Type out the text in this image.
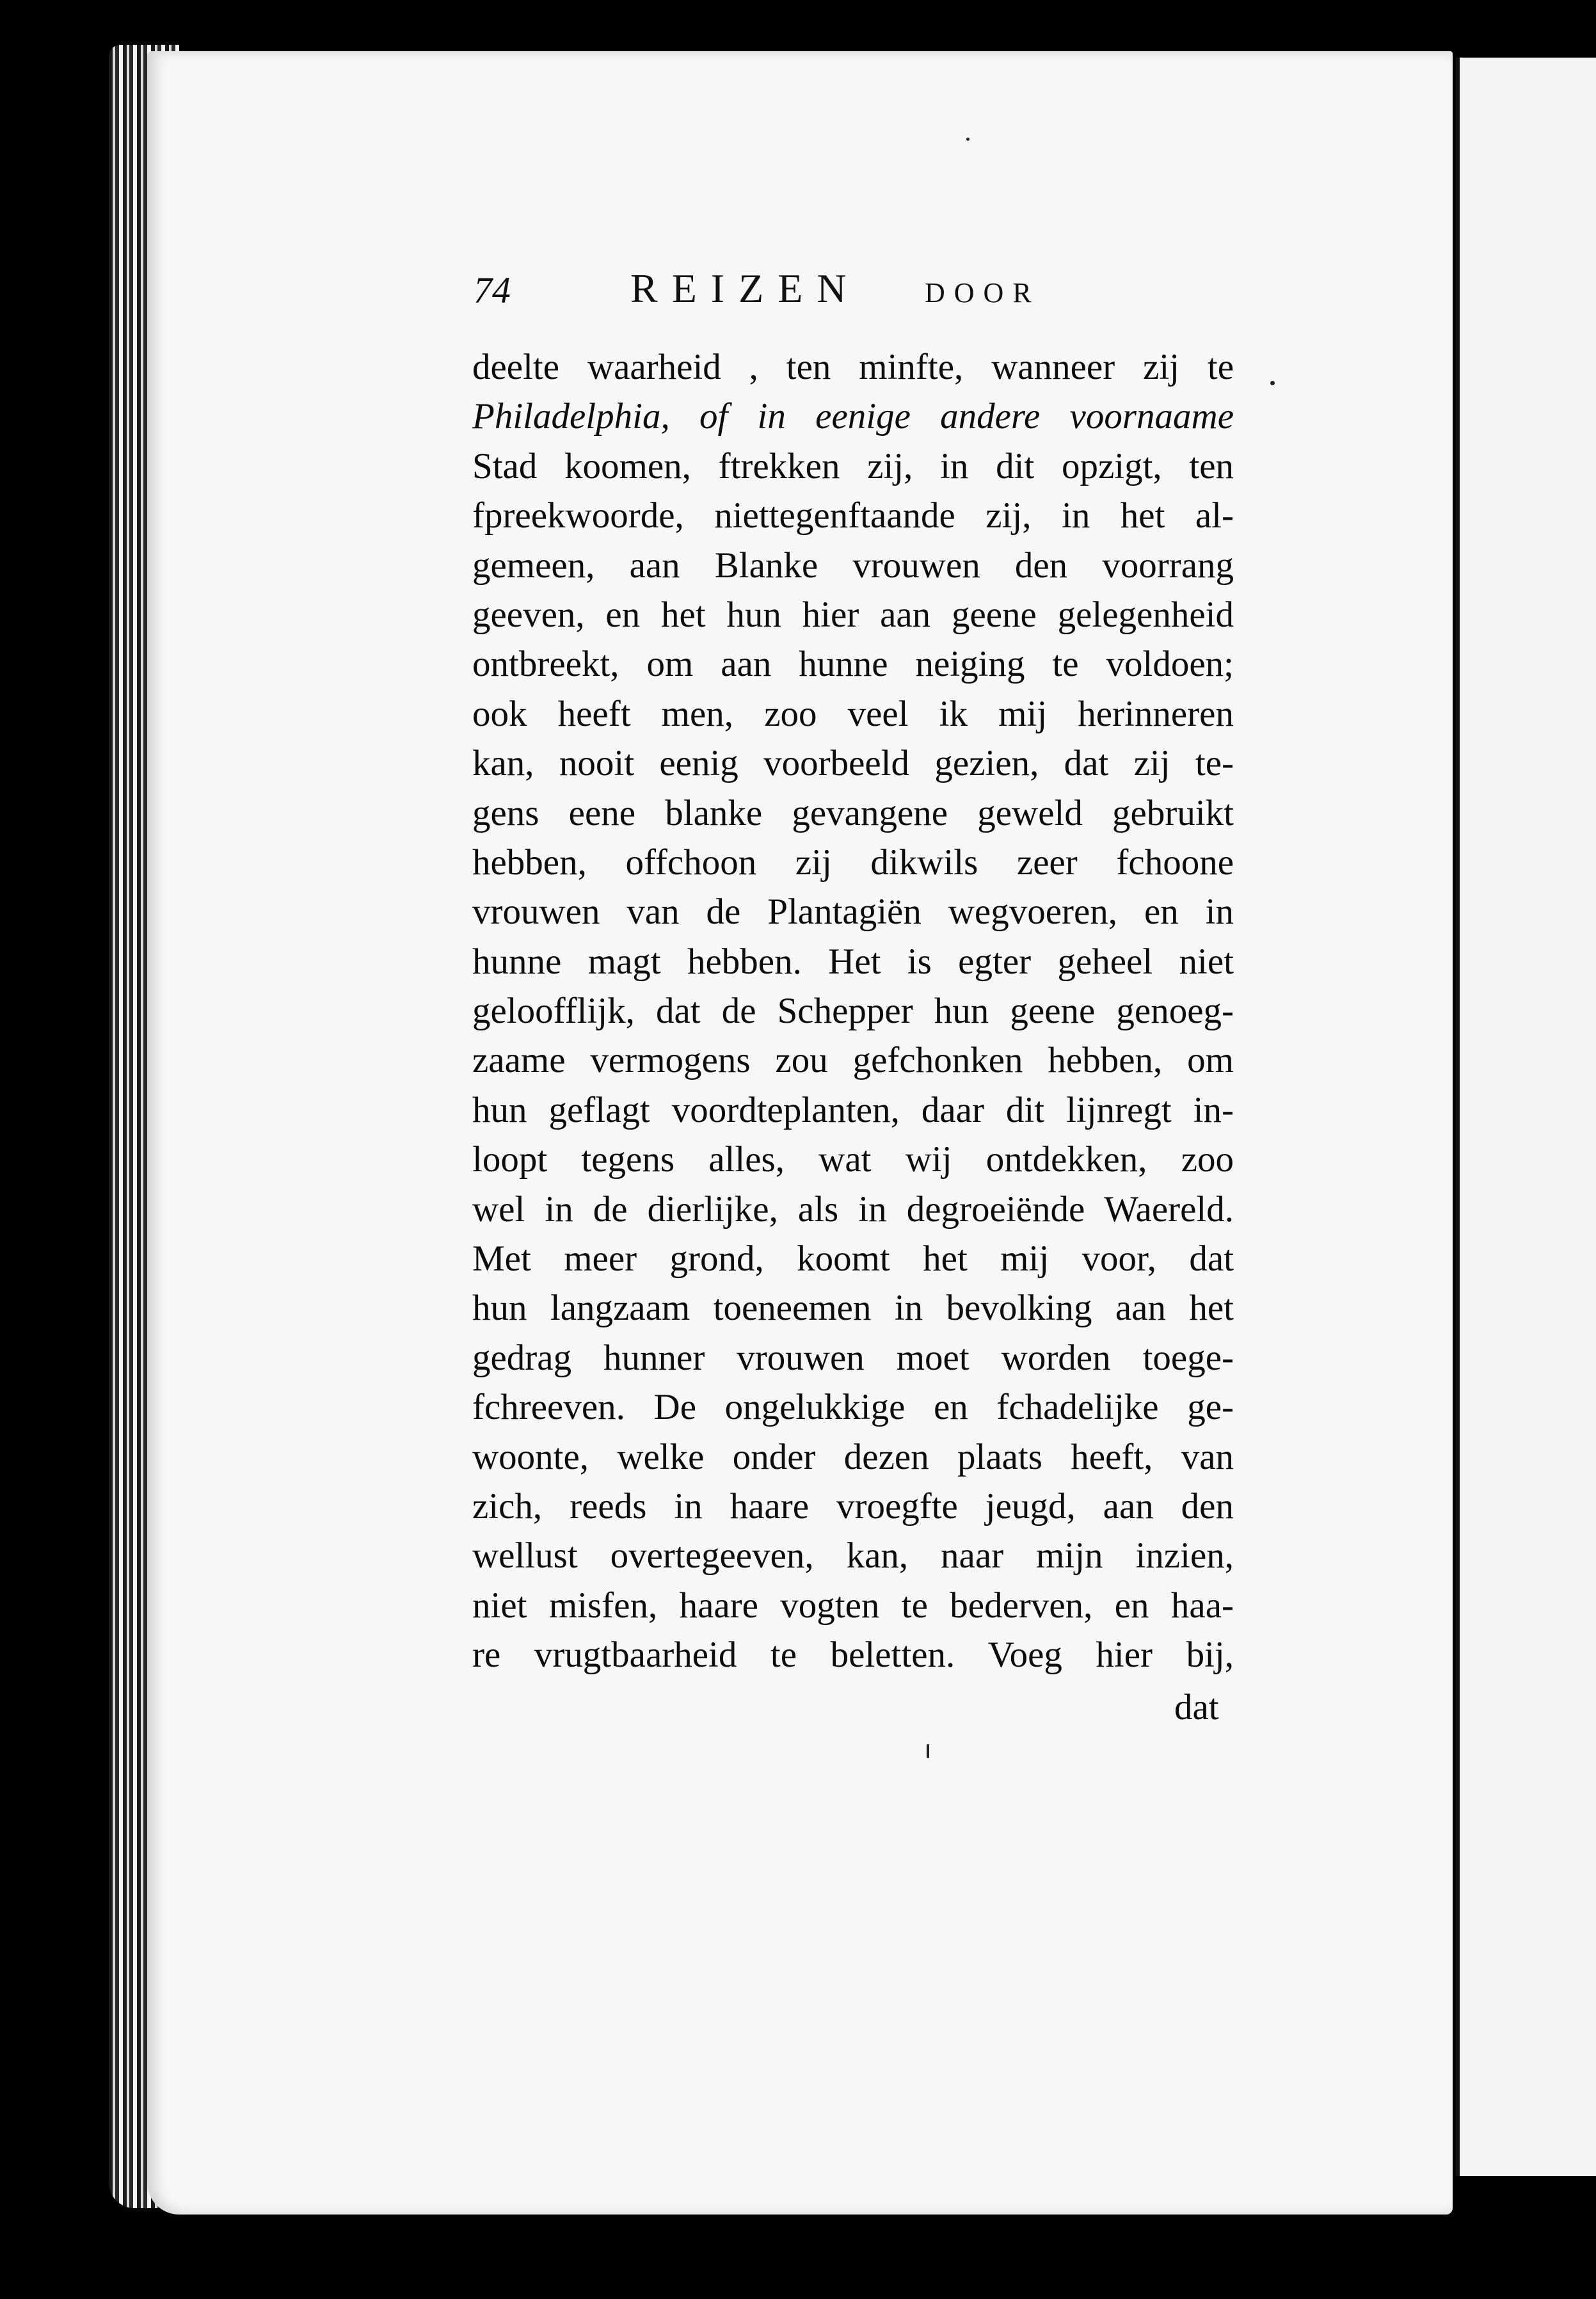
74	REIZEN DOOR
deelte waarheid , ten minfte, wanneer zij te
Philadelphia, of in eenige andere voornaame
Stad koomen, ftrekken zij, in dit opzigt, ten
fpreekwoorde, niettegenftaande zij, in het al-
gemeen, aan Blanke vrouwen den voorrang
geeven, en het hun hier aan geene gelegenheid
ontbreekt, om aan hunne neiging te voldoen;
ook heeft men, zoo veel ik mij herinneren
kan, nooit eenig voorbeeld gezien, dat zij te-
gens eene blanke gevangene geweld gebruikt
hebben, offchoon zij dikwils zeer fchoone
vrouwen van de Plantagiën wegvoeren, en in
hunne magt hebben. Het is egter geheel niet
geloofflijk, dat de Schepper hun geene genoeg-
zaame vermogens zou gefchonken hebben, om
hun geflagt voordteplanten, daar dit lijnregt in-
loopt tegens alles, wat wij ontdekken, zoo
wel in de dierlijke, als in degroeiënde Waereld.
Met meer grond, koomt het mij voor, dat
hun langzaam toeneemen in bevolking aan het
gedrag hunner vrouwen moet worden toege-
fchreeven. De ongelukkige en fchadelijke ge-
woonte, welke onder dezen plaats heeft, van
zich, reeds in haare vroegfte jeugd, aan den
wellust overtegeeven, kan, naar mijn inzien,
niet misfen, haare vogten te bederven, en haa-
re vrugtbaarheid te beletten. Voeg hier bij,
dat
